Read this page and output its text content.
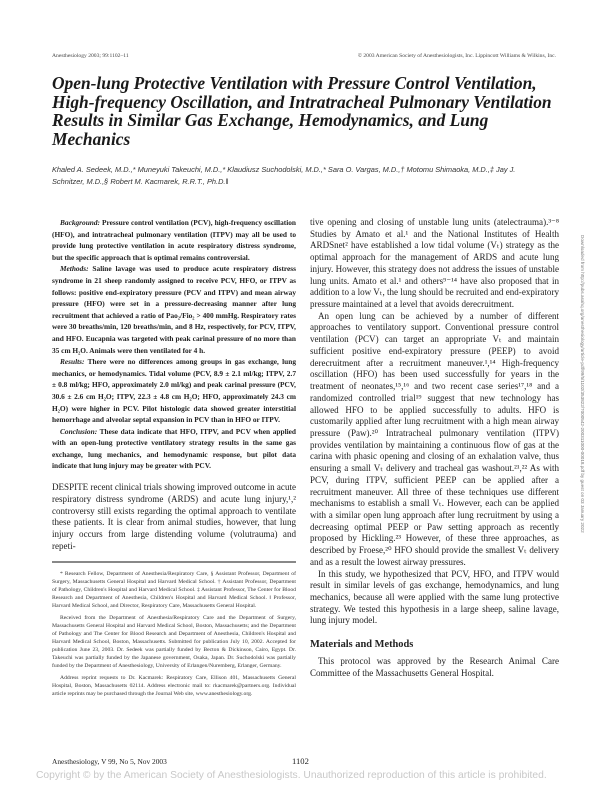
Anesthesiology 2003; 99:1102–11	© 2003 American Society of Anesthesiologists, Inc. Lippincott Williams & Wilkins, Inc.
Open-lung Protective Ventilation with Pressure Control Ventilation, High-frequency Oscillation, and Intratracheal Pulmonary Ventilation Results in Similar Gas Exchange, Hemodynamics, and Lung Mechanics
Khaled A. Sedeek, M.D.,* Muneyuki Takeuchi, M.D.,* Klaudiusz Suchodolski, M.D.,* Sara O. Vargas, M.D.,† Motomu Shimaoka, M.D.,‡ Jay J. Schnitzer, M.D.,§ Robert M. Kacmarek, R.R.T., Ph.D.‖

Background: Pressure control ventilation (PCV), high-frequency oscillation (HFO), and intratracheal pulmonary ventilation (ITPV) may all be used to provide lung protective ventilation in acute respiratory distress syndrome, but the specific approach that is optimal remains controversial.

Methods: Saline lavage was used to produce acute respiratory distress syndrome in 21 sheep randomly assigned to receive PCV, HFO, or ITPV as follows: positive end-expiratory pressure (PCV and ITPV) and mean airway pressure (HFO) were set in a pressure-decreasing manner after lung recruitment that achieved a ratio of Pao₂/Fio₂ > 400 mmHg. Respiratory rates were 30 breaths/min, 120 breaths/min, and 8 Hz, respectively, for PCV, ITPV, and HFO. Eucapnia was targeted with peak carinal pressure of no more than 35 cm H₂O. Animals were then ventilated for 4 h.

Results: There were no differences among groups in gas exchange, lung mechanics, or hemodynamics. Tidal volume (PCV, 8.9 ± 2.1 ml/kg; ITPV, 2.7 ± 0.8 ml/kg; HFO, approximately 2.0 ml/kg) and peak carinal pressure (PCV, 30.6 ± 2.6 cm H₂O; ITPV, 22.3 ± 4.8 cm H₂O; HFO, approximately 24.3 cm H₂O) were higher in PCV. Pilot histologic data showed greater interstitial hemorrhage and alveolar septal expansion in PCV than in HFO or ITPV.

Conclusion: These data indicate that HFO, ITPV, and PCV when applied with an open-lung protective ventilatory strategy results in the same gas exchange, lung mechanics, and hemodynamic response, but pilot data indicate that lung injury may be greater with PCV.

DESPITE recent clinical trials showing improved outcome in acute respiratory distress syndrome (ARDS) and acute lung injury,¹,² controversy still exists regarding the optimal approach to ventilate these patients. It is clear from animal studies, however, that lung injury occurs from large distending volume (volutrauma) and repeti-

* Research Fellow, Department of Anesthesia/Respiratory Care, § Assistant Professor, Department of Surgery, Massachusetts General Hospital and Harvard Medical School. † Assistant Professor, Department of Pathology, Children's Hospital and Harvard Medical School. ‡ Assistant Professor, The Center for Blood Research and Department of Anesthesia, Children's Hospital and Harvard Medical School. ‖ Professor, Harvard Medical School, and Director, Respiratory Care, Massachusetts General Hospital.

Received from the Department of Anesthesia/Respiratory Care and the Department of Surgery, Massachusetts General Hospital and Harvard Medical School, Boston, Massachusetts; and the Department of Pathology and The Center for Blood Research and Department of Anesthesia, Children's Hospital and Harvard Medical School, Boston, Massachusetts. Submitted for publication July 10, 2002. Accepted for publication June 23, 2003. Dr. Sedeek was partially funded by Becton & Dickinson, Cairo, Egypt. Dr. Takeuchi was partially funded by the Japanese government, Osaka, Japan. Dr. Suchodolski was partially funded by the Department of Anesthesiology, University of Erlangen/Nuremberg, Erlanger, Germany.

Address reprint requests to Dr. Kacmarek: Respiratory Care, Ellison 401, Massachusetts General Hospital, Boston, Massachusetts 02114. Address electronic mail to: rkacmarek@partners.org. Individual article reprints may be purchased through the Journal Web site, www.anesthesiology.org.

tive opening and closing of unstable lung units (atelectrauma).³⁻⁸ Studies by Amato et al.¹ and the National Institutes of Health ARDSnet² have established a low tidal volume (Vₜ) strategy as the optimal approach for the management of ARDS and acute lung injury. However, this strategy does not address the issues of unstable lung units. Amato et al.¹ and others⁹⁻¹⁴ have also proposed that in addition to a low Vₜ, the lung should be recruited and end-expiratory pressure maintained at a level that avoids derecruitment.

An open lung can be achieved by a number of different approaches to ventilatory support. Conventional pressure control ventilation (PCV) can target an appropriate Vₜ and maintain sufficient positive end-expiratory pressure (PEEP) to avoid derecruitment after a recruitment maneuver.¹,¹⁴ High-frequency oscillation (HFO) has been used successfully for years in the treatment of neonates,¹⁵,¹⁶ and two recent case series¹⁷,¹⁸ and a randomized controlled trial¹⁹ suggest that new technology has allowed HFO to be applied successfully to adults. HFO is customarily applied after lung recruitment with a high mean airway pressure (Paw).²⁰ Intratracheal pulmonary ventilation (ITPV) provides ventilation by maintaining a continuous flow of gas at the carina with phasic opening and closing of an exhalation valve, thus ensuring a small Vₜ delivery and tracheal gas washout.²¹,²² As with PCV, during ITPV, sufficient PEEP can be applied after a recruitment maneuver. All three of these techniques use different mechanisms to establish a small Vₜ. However, each can be applied with a similar open lung approach after lung recruitment by using a decreasing optimal PEEP or Paw setting approach as recently proposed by Hickling.²³ However, of these three approaches, as described by Froese,²⁰ HFO should provide the smallest Vₜ delivery and as a result the lowest airway pressures.

In this study, we hypothesized that PCV, HFO, and ITPV would result in similar levels of gas exchange, hemodynamics, and lung mechanics, because all were applied with the same lung protective strategy. We tested this hypothesis in a large sheep, saline lavage, lung injury model.

Materials and Methods

This protocol was approved by the Research Animal Care Committee of the Massachusetts General Hospital.

Anesthesiology, V 99, No 5, Nov 2003	1102
Copyright © by the American Society of Anesthesiologists. Unauthorized reproduction of this article is prohibited.
Downloaded from http://pubs.asahq.org/anesthesiology/article-pdf/99/5/1102/353822/7000542-200311000-00018.pdf by guest on 03 January 2022
